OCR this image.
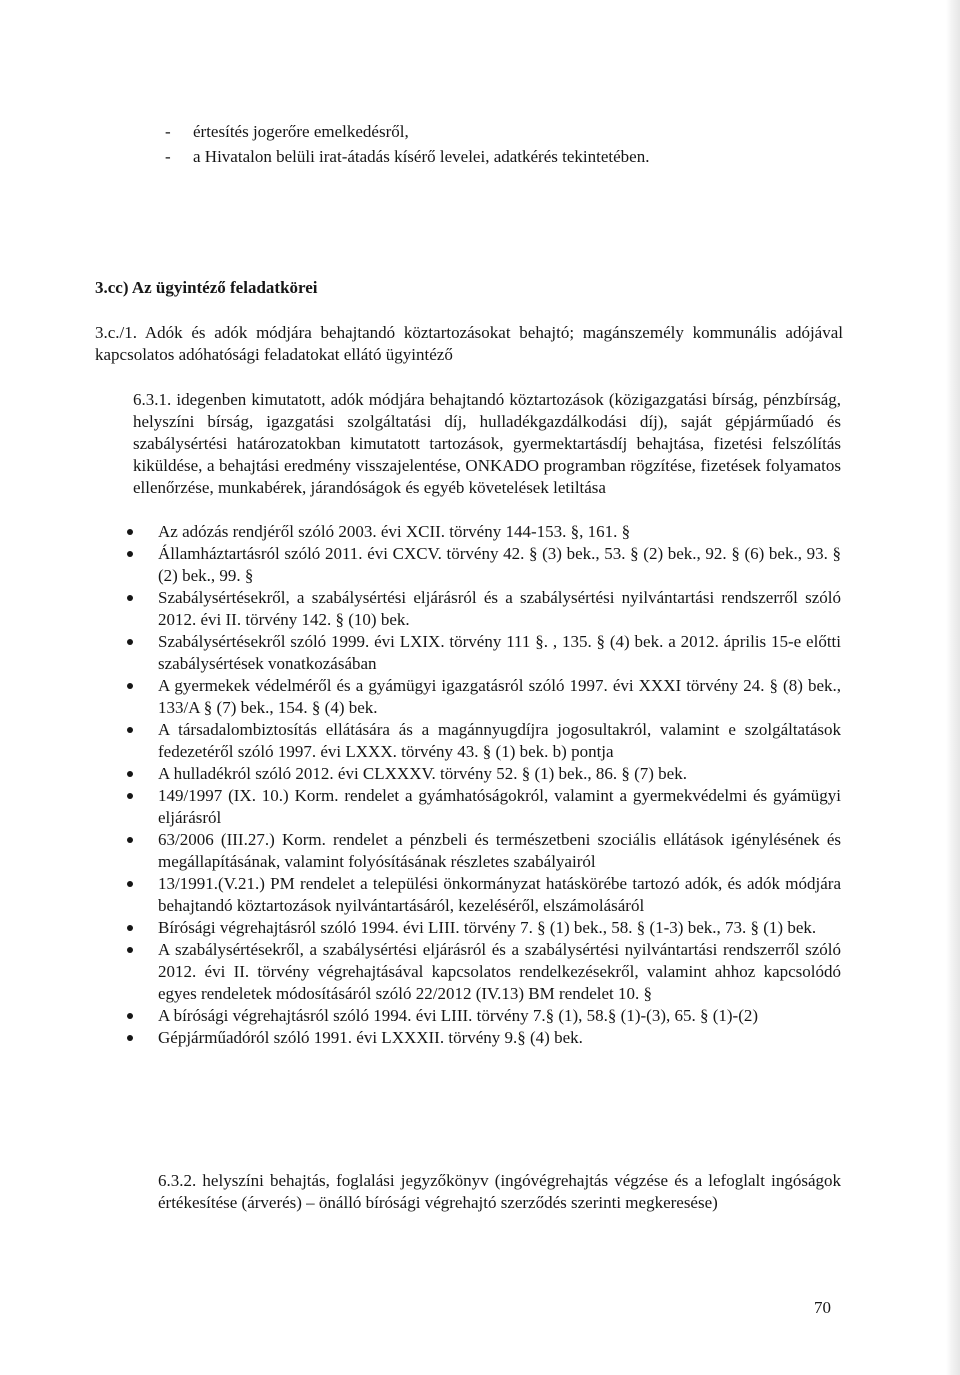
- értesítés jogerőre emelkedésről,
- a Hivatalon belüli irat-átadás kísérő levelei, adatkérés tekintetében.
3.cc) Az ügyintéző feladatkörei
3.c./1. Adók és adók módjára behajtandó köztartozásokat behajtó; magánszemély kommunális adójával kapcsolatos adóhatósági feladatokat ellátó ügyintéző
6.3.1. idegenben kimutatott, adók módjára behajtandó köztartozások (közigazgatási bírság, pénzbírság, helyszíni bírság, igazgatási szolgáltatási díj, hulladékgazdálkodási díj), saját gépjárműadó és szabálysértési határozatokban kimutatott tartozások, gyermektartásdíj behajtása, fizetési felszólítás kiküldése, a behajtási eredmény visszajelentése, ONKADO programban rögzítése, fizetések folyamatos ellenőrzése, munkabérek, járandóságok és egyéb követelések letiltása
Az adózás rendjéről szóló 2003. évi XCII. törvény 144-153. §, 161. §
Államháztartásról szóló 2011. évi CXCV. törvény 42. § (3) bek., 53. § (2) bek., 92. § (6) bek., 93. § (2) bek., 99. §
Szabálysértésekről, a szabálysértési eljárásról és a szabálysértési nyilvántartási rendszerről szóló 2012. évi II. törvény 142. § (10) bek.
Szabálysértésekről szóló 1999. évi LXIX. törvény 111 §. , 135. § (4) bek. a 2012. április 15-e előtti szabálysértések vonatkozásában
A gyermekek védelméről és a gyámügyi igazgatásról szóló 1997. évi XXXI törvény 24. § (8) bek., 133/A § (7) bek., 154. § (4) bek.
A társadalombiztosítás ellátására ás a magánnyugdíjra jogosultakról, valamint e szolgáltatások fedezetéről szóló 1997. évi LXXX. törvény 43. § (1) bek. b) pontja
A hulladékról szóló 2012. évi CLXXXV. törvény 52. § (1) bek., 86. § (7) bek.
149/1997 (IX. 10.) Korm. rendelet a gyámhatóságokról, valamint a gyermekvédelmi és gyámügyi eljárásról
63/2006 (III.27.) Korm. rendelet a pénzbeli és természetbeni szociális ellátások igénylésének és megállapításának, valamint folyósításának részletes szabályairól
13/1991.(V.21.) PM rendelet a települési önkormányzat hatáskörébe tartozó adók, és adók módjára behajtandó köztartozások nyilvántartásáról, kezeléséről, elszámolásáról
Bírósági végrehajtásról szóló 1994. évi LIII. törvény 7. § (1) bek., 58. § (1-3) bek., 73. § (1) bek.
A szabálysértésekről, a szabálysértési eljárásról és a szabálysértési nyilvántartási rendszerről szóló 2012. évi II. törvény végrehajtásával kapcsolatos rendelkezésekről, valamint ahhoz kapcsolódó egyes rendeletek módosításáról szóló 22/2012 (IV.13) BM rendelet 10. §
A bírósági végrehajtásról szóló 1994. évi LIII. törvény 7.§ (1), 58.§ (1)-(3), 65. § (1)-(2)
Gépjárműadóról szóló 1991. évi LXXXII. törvény 9.§ (4) bek.
6.3.2. helyszíni behajtás, foglalási jegyzőkönyv (ingóvégrehajtás végzése és a lefoglalt ingóságok értékesítése (árverés) – önálló bírósági végrehajtó szerződés szerinti megkeresése)
70
